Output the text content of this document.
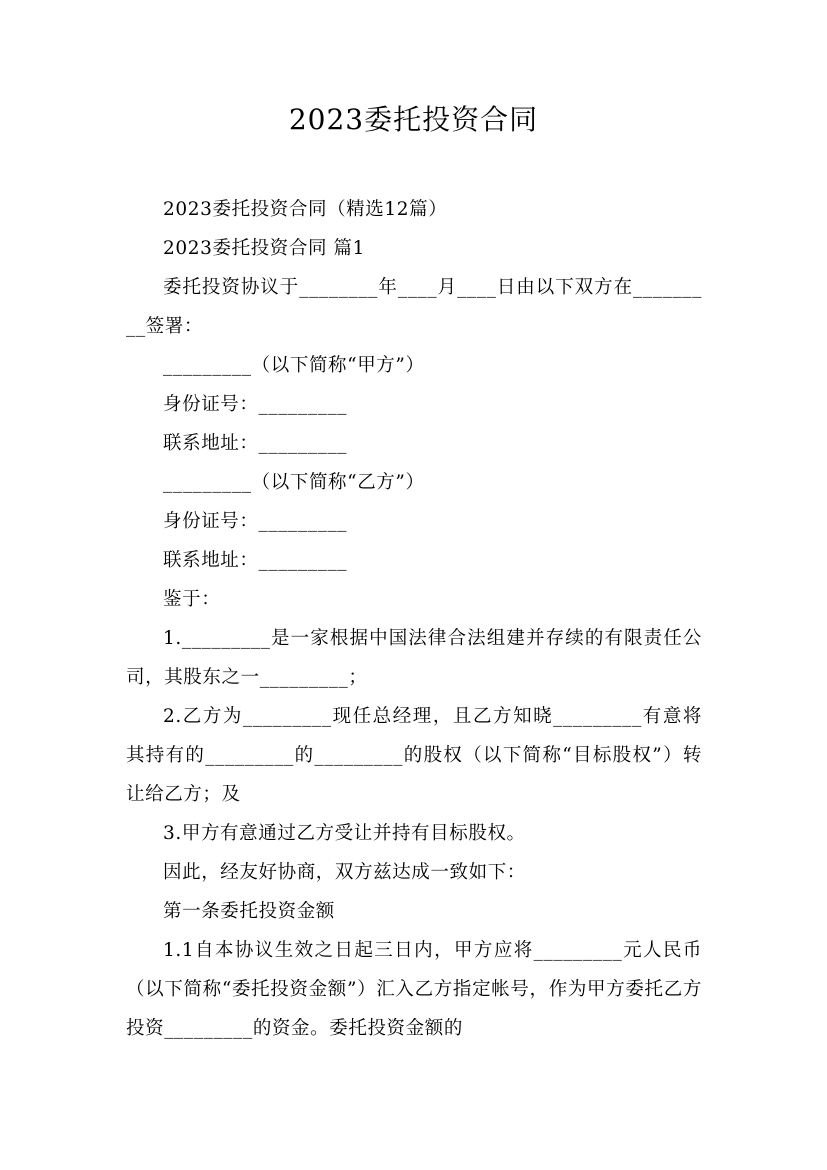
2023委托投资合同

2023委托投资合同（精选12篇）

2023委托投资合同 篇1

委托投资协议于________年____月____日由以下双方在_________签署：

_________（以下简称“甲方”）

身份证号：_________

联系地址：_________

_________（以下简称“乙方”）

身份证号：_________

联系地址：_________

鉴于：

1._________是一家根据中国法律合法组建并存续的有限责任公司，其股东之一_________；

2.乙方为_________现任总经理，且乙方知晓_________有意将其持有的_________的_________的股权（以下简称“目标股权”）转让给乙方；及

3.甲方有意通过乙方受让并持有目标股权。

因此，经友好协商，双方兹达成一致如下：

第一条委托投资金额

1.1自本协议生效之日起三日内，甲方应将_________元人民币（以下简称“委托投资金额”）汇入乙方指定帐号，作为甲方委托乙方投资_________的资金。委托投资金额的
